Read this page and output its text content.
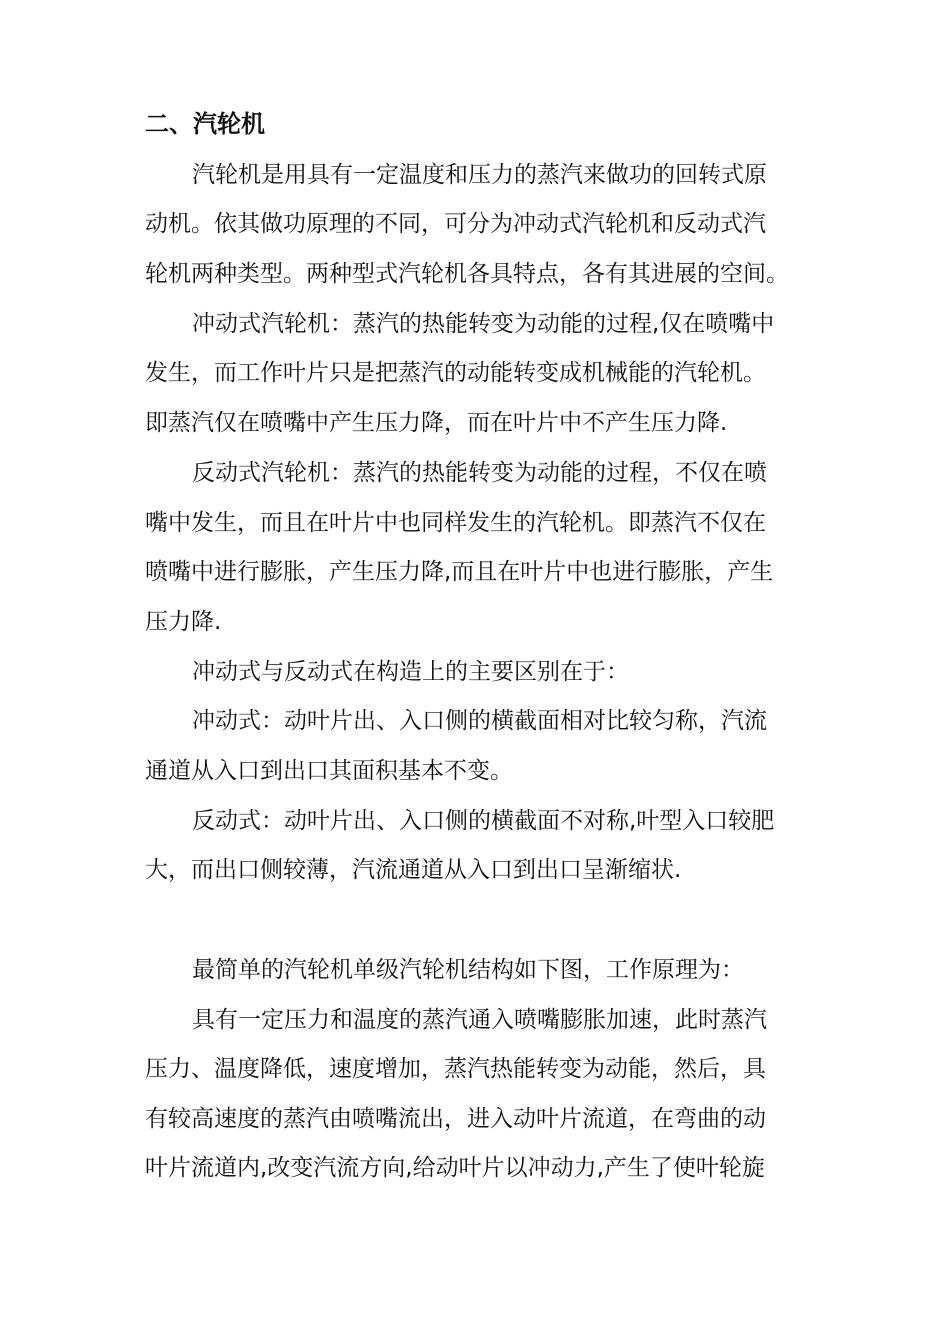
二、汽轮机

汽轮机是用具有一定温度和压力的蒸汽来做功的回转式原

动机。依其做功原理的不同，可分为冲动式汽轮机和反动式汽

轮机两种类型。两种型式汽轮机各具特点，各有其进展的空间。

冲动式汽轮机：蒸汽的热能转变为动能的过程,仅在喷嘴中

发生，而工作叶片只是把蒸汽的动能转变成机械能的汽轮机。

即蒸汽仅在喷嘴中产生压力降，而在叶片中不产生压力降.

反动式汽轮机：蒸汽的热能转变为动能的过程，不仅在喷

嘴中发生，而且在叶片中也同样发生的汽轮机。即蒸汽不仅在

喷嘴中进行膨胀，产生压力降,而且在叶片中也进行膨胀，产生

压力降.

冲动式与反动式在构造上的主要区别在于：

冲动式：动叶片出、入口侧的横截面相对比较匀称，汽流

通道从入口到出口其面积基本不变。

反动式：动叶片出、入口侧的横截面不对称,叶型入口较肥

大，而出口侧较薄，汽流通道从入口到出口呈渐缩状.

最简单的汽轮机单级汽轮机结构如下图，工作原理为：

具有一定压力和温度的蒸汽通入喷嘴膨胀加速，此时蒸汽

压力、温度降低，速度增加，蒸汽热能转变为动能，然后，具

有较高速度的蒸汽由喷嘴流出，进入动叶片流道，在弯曲的动

叶片流道内,改变汽流方向,给动叶片以冲动力,产生了使叶轮旋
